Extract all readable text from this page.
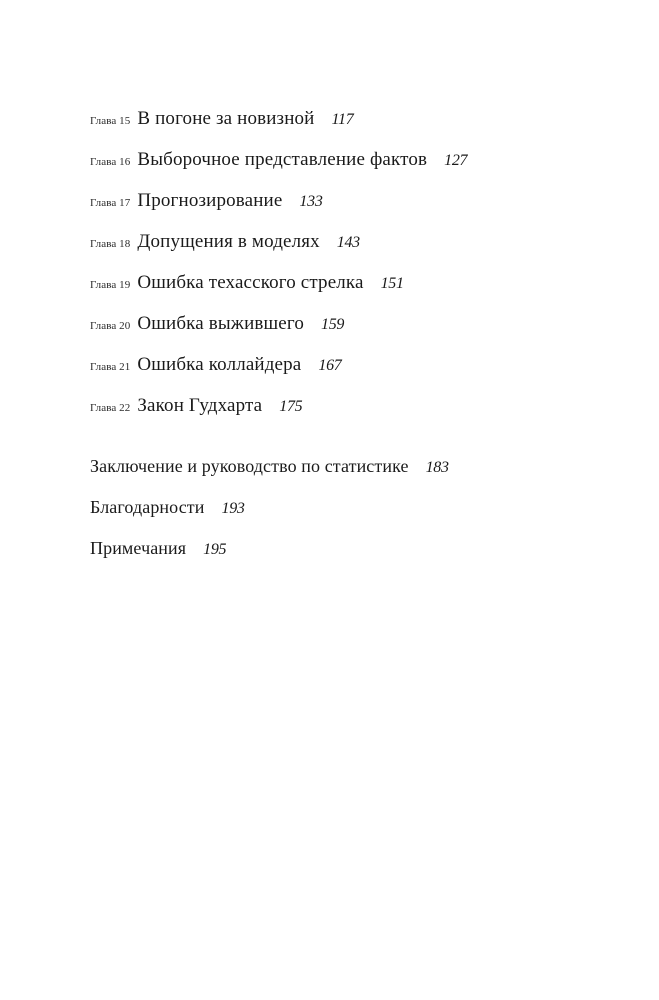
Глава 15 В погоне за новизной 117
Глава 16 Выборочное представление фактов 127
Глава 17 Прогнозирование 133
Глава 18 Допущения в моделях 143
Глава 19 Ошибка техасского стрелка 151
Глава 20 Ошибка выжившего 159
Глава 21 Ошибка коллайдера 167
Глава 22 Закон Гудхарта 175
Заключение и руководство по статистике 183
Благодарности 193
Примечания 195
